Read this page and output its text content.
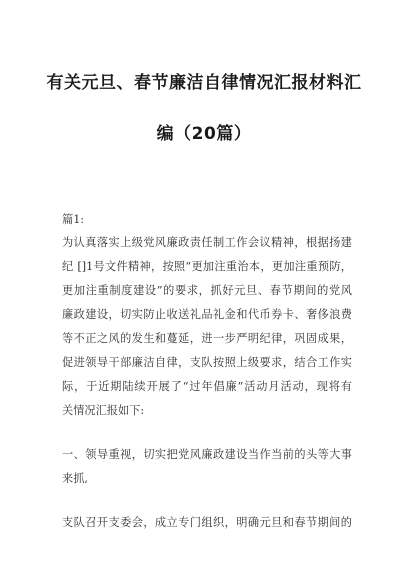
有关元旦、春节廉洁自律情况汇报材料汇
编（20篇）
篇1:
为认真落实上级党风廉政责任制工作会议精神，根据扬建
纪 []1号文件精神，按照“更加注重治本，更加注重预防，
更加注重制度建设”的要求，抓好元旦、春节期间的党风
廉政建设，切实防止收送礼品礼金和代币券卡、奢侈浪费
等不正之风的发生和蔓延，进一步严明纪律，巩固成果，
促进领导干部廉洁自律，支队按照上级要求，结合工作实
际，于近期陆续开展了“过年倡廉”活动月活动，现将有
关情况汇报如下:
一、领导重视，切实把党风廉政建设当作当前的头等大事
来抓,
支队召开支委会，成立专门组织，明确元旦和春节期间的
